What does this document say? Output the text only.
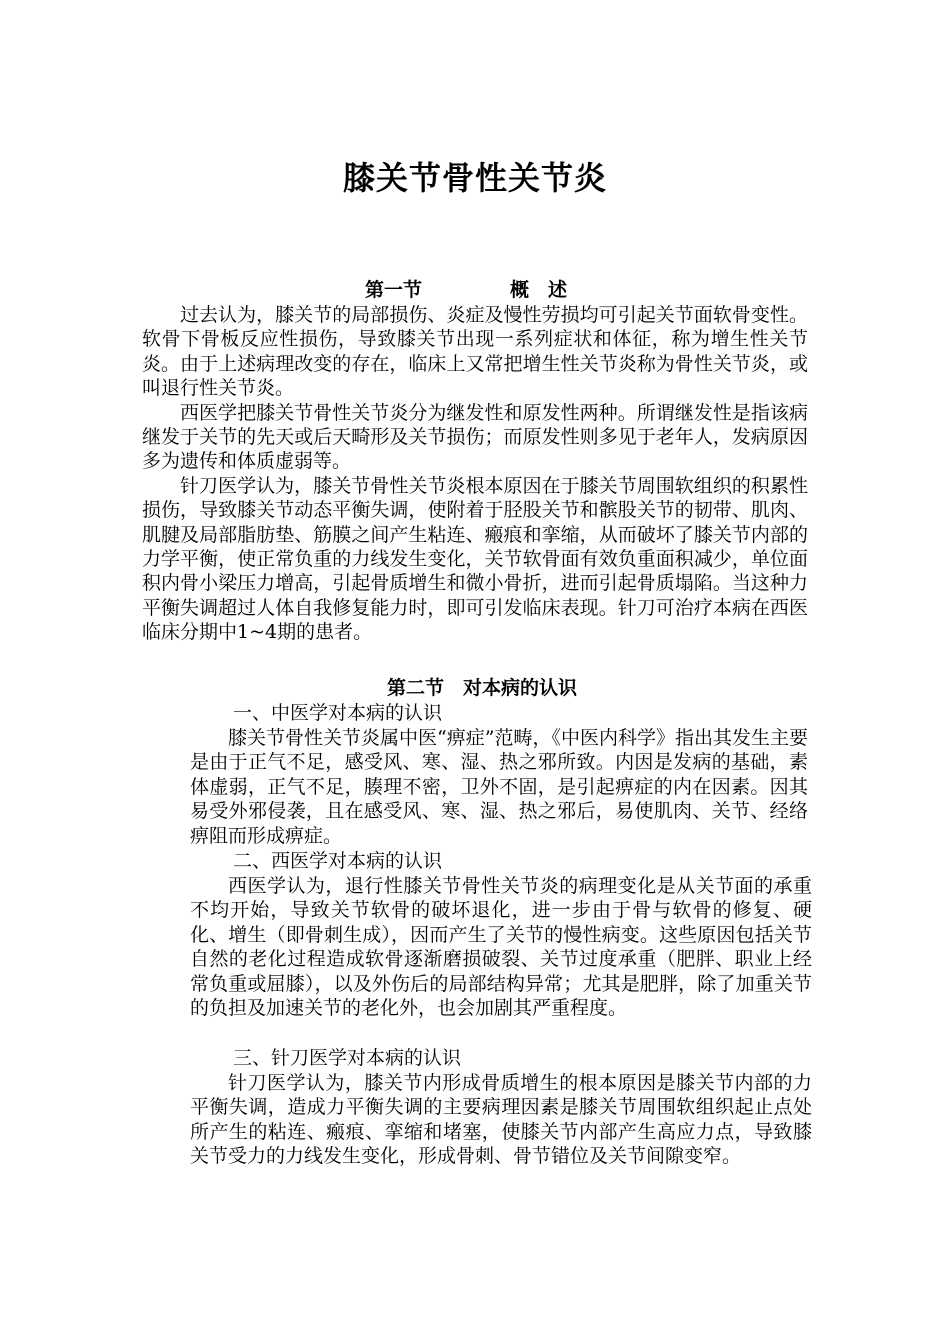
膝关节骨性关节炎
第一节	概　述

过去认为，膝关节的局部损伤、炎症及慢性劳损均可引起关节面软骨变性。软骨下骨板反应性损伤，导致膝关节出现一系列症状和体征，称为增生性关节炎。由于上述病理改变的存在，临床上又常把增生性关节炎称为骨性关节炎，或叫退行性关节炎。

西医学把膝关节骨性关节炎分为继发性和原发性两种。所谓继发性是指该病继发于关节的先天或后天畸形及关节损伤；而原发性则多见于老年人，发病原因多为遗传和体质虚弱等。

针刀医学认为，膝关节骨性关节炎根本原因在于膝关节周围软组织的积累性损伤，导致膝关节动态平衡失调，使附着于胫股关节和髌股关节的韧带、肌肉、肌腱及局部脂肪垫、筋膜之间产生粘连、瘢痕和挛缩，从而破坏了膝关节内部的力学平衡，使正常负重的力线发生变化，关节软骨面有效负重面积减少，单位面积内骨小梁压力增高，引起骨质增生和微小骨折，进而引起骨质塌陷。当这种力平衡失调超过人体自我修复能力时，即可引发临床表现。针刀可治疗本病在西医临床分期中1~4期的患者。

第二节　对本病的认识
一、中医学对本病的认识

膝关节骨性关节炎属中医“痹症”范畴，《中医内科学》指出其发生主要是由于正气不足，感受风、寒、湿、热之邪所致。内因是发病的基础，素体虚弱，正气不足，腠理不密，卫外不固，是引起痹症的内在因素。因其易受外邪侵袭，且在感受风、寒、湿、热之邪后，易使肌肉、关节、经络痹阻而形成痹症。

二、西医学对本病的认识

西医学认为，退行性膝关节骨性关节炎的病理变化是从关节面的承重不均开始，导致关节软骨的破坏退化，进一步由于骨与软骨的修复、硬化、增生（即骨刺生成），因而产生了关节的慢性病变。这些原因包括关节自然的老化过程造成软骨逐渐磨损破裂、关节过度承重（肥胖、职业上经常负重或屈膝），以及外伤后的局部结构异常；尤其是肥胖，除了加重关节的负担及加速关节的老化外，也会加剧其严重程度。

三、针刀医学对本病的认识

针刀医学认为，膝关节内形成骨质增生的根本原因是膝关节内部的力平衡失调，造成力平衡失调的主要病理因素是膝关节周围软组织起止点处所产生的粘连、瘢痕、挛缩和堵塞，使膝关节内部产生高应力点，导致膝关节受力的力线发生变化，形成骨刺、骨节错位及关节间隙变窄。
